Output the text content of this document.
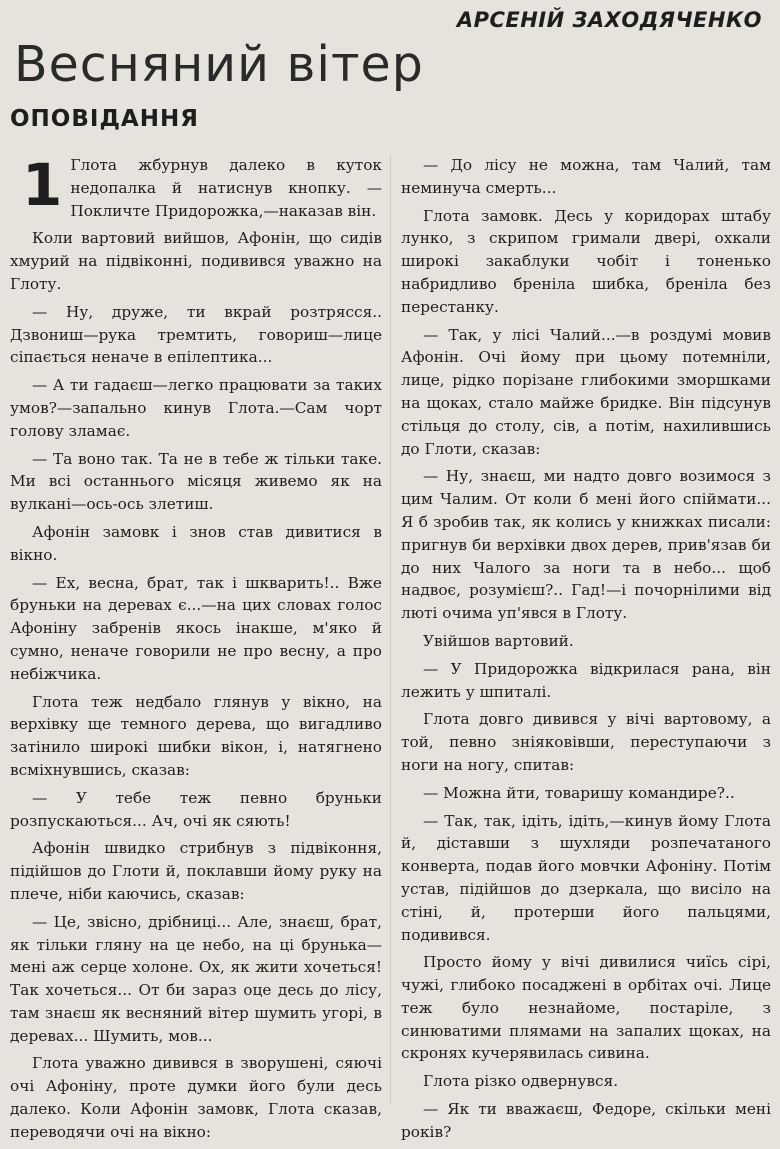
АРСЕНІЙ ЗАХОДЯЧЕНКО
Весняний вітер
ОПОВІДАННЯ
1 Глота жбурнув далеко в куток недопалка й натиснув кнопку. — Покличте Придорожка,—наказав він.

Коли вартовий вийшов, Афонін, що сидів хмурий на підвіконні, подивився уважно на Глоту.

— Ну, друже, ти вкрай розтрясся.. Дзвониш—рука тремтить, говориш—лице сіпається неначе в епілептика...

— А ти гадаєш—легко працювати за таких умов?—запально кинув Глота.—Сам чорт голову зламає.

— Та воно так. Та не в тебе ж тільки таке. Ми всі останнього місяця живемо як на вулкані—ось-ось злетиш.

Афонін замовк і знов став дивитися в вікно.

— Ех, весна, брат, так і шкварить!.. Вже бруньки на деревах є...—на цих словах голос Афоніну забренів якось інакше, м'яко й сумно, неначе говорили не про весну, а про небіжчика.

Глота теж недбало глянув у вікно, на верхівку ще темного дерева, що вигадливо затінило широкі шибки вікон, і, натягнено всміхнувшись, сказав:

— У тебе теж певно бруньки розпускаються... Ач, очі як сяють!

Афонін швидко стрибнув з підвіконня, підійшов до Глоти й, поклавши йому руку на плече, ніби каючись, сказав:

— Це, звісно, дрібниці... Але, знаєш, брат, як тільки гляну на це небо, на ці брунька—мені аж серце холоне. Ох, як жити хочеться! Так хочеться... От би зараз оце десь до лісу, там знаєш як весняний вітер шумить угорі, в деревах... Шумить, мов...

Глота уважно дивився в зворушені, сяючі очі Афоніну, проте думки його були десь далеко. Коли Афонін замовк, Глота сказав, переводячи очі на вікно:

— До лісу не можна, там Чалий, там неминуча смерть...

Глота замовк. Десь у коридорах штабу лунко, з скрипом гримали двері, охкали широкі закаблуки чобіт і тоненько набридливо бреніла шибка, бреніла без перестанку.

— Так, у лісі Чалий...—в роздумі мовив Афонін. Очі йому при цьому потемніли, лице, рідко порізане глибокими зморшками на щоках, стало майже бридке. Він підсунув стільця до столу, сів, а потім, нахилившись до Глоти, сказав:

— Ну, знаєш, ми надто довго возимося з цим Чалим. От коли б мені його спіймати... Я б зробив так, як колись у книжках писали: пригнув би верхівки двох дерев, прив'язав би до них Чалого за ноги та в небо... щоб надвоє, розумієш?.. Гад!—і почорнілими від люті очима уп'явся в Глоту.

Увійшов вартовий.

— У Придорожка відкрилася рана, він лежить у шпиталі.

Глота довго дивився у вічі вартовому, а той, певно зніяковівши, переступаючи з ноги на ногу, спитав:

— Можна йти, товаришу командире?..

— Так, так, ідіть, ідіть,—кинув йому Глота й, діставши з шухляди розпечатаного конверта, подав його мовчки Афоніну. Потім устав, підійшов до дзеркала, що висіло на стіні, й, протерши його пальцями, подивився.

Просто йому у вічі дивилися чиїсь сірі, чужі, глибоко посаджені в орбітах очі. Лице теж було незнайоме, постаріле, з синюватими плямами на запалих щоках, на скронях кучерявилась сивина.

Глота різко одвернувся.

— Як ти вважаєш, Федоре, скільки мені років?
